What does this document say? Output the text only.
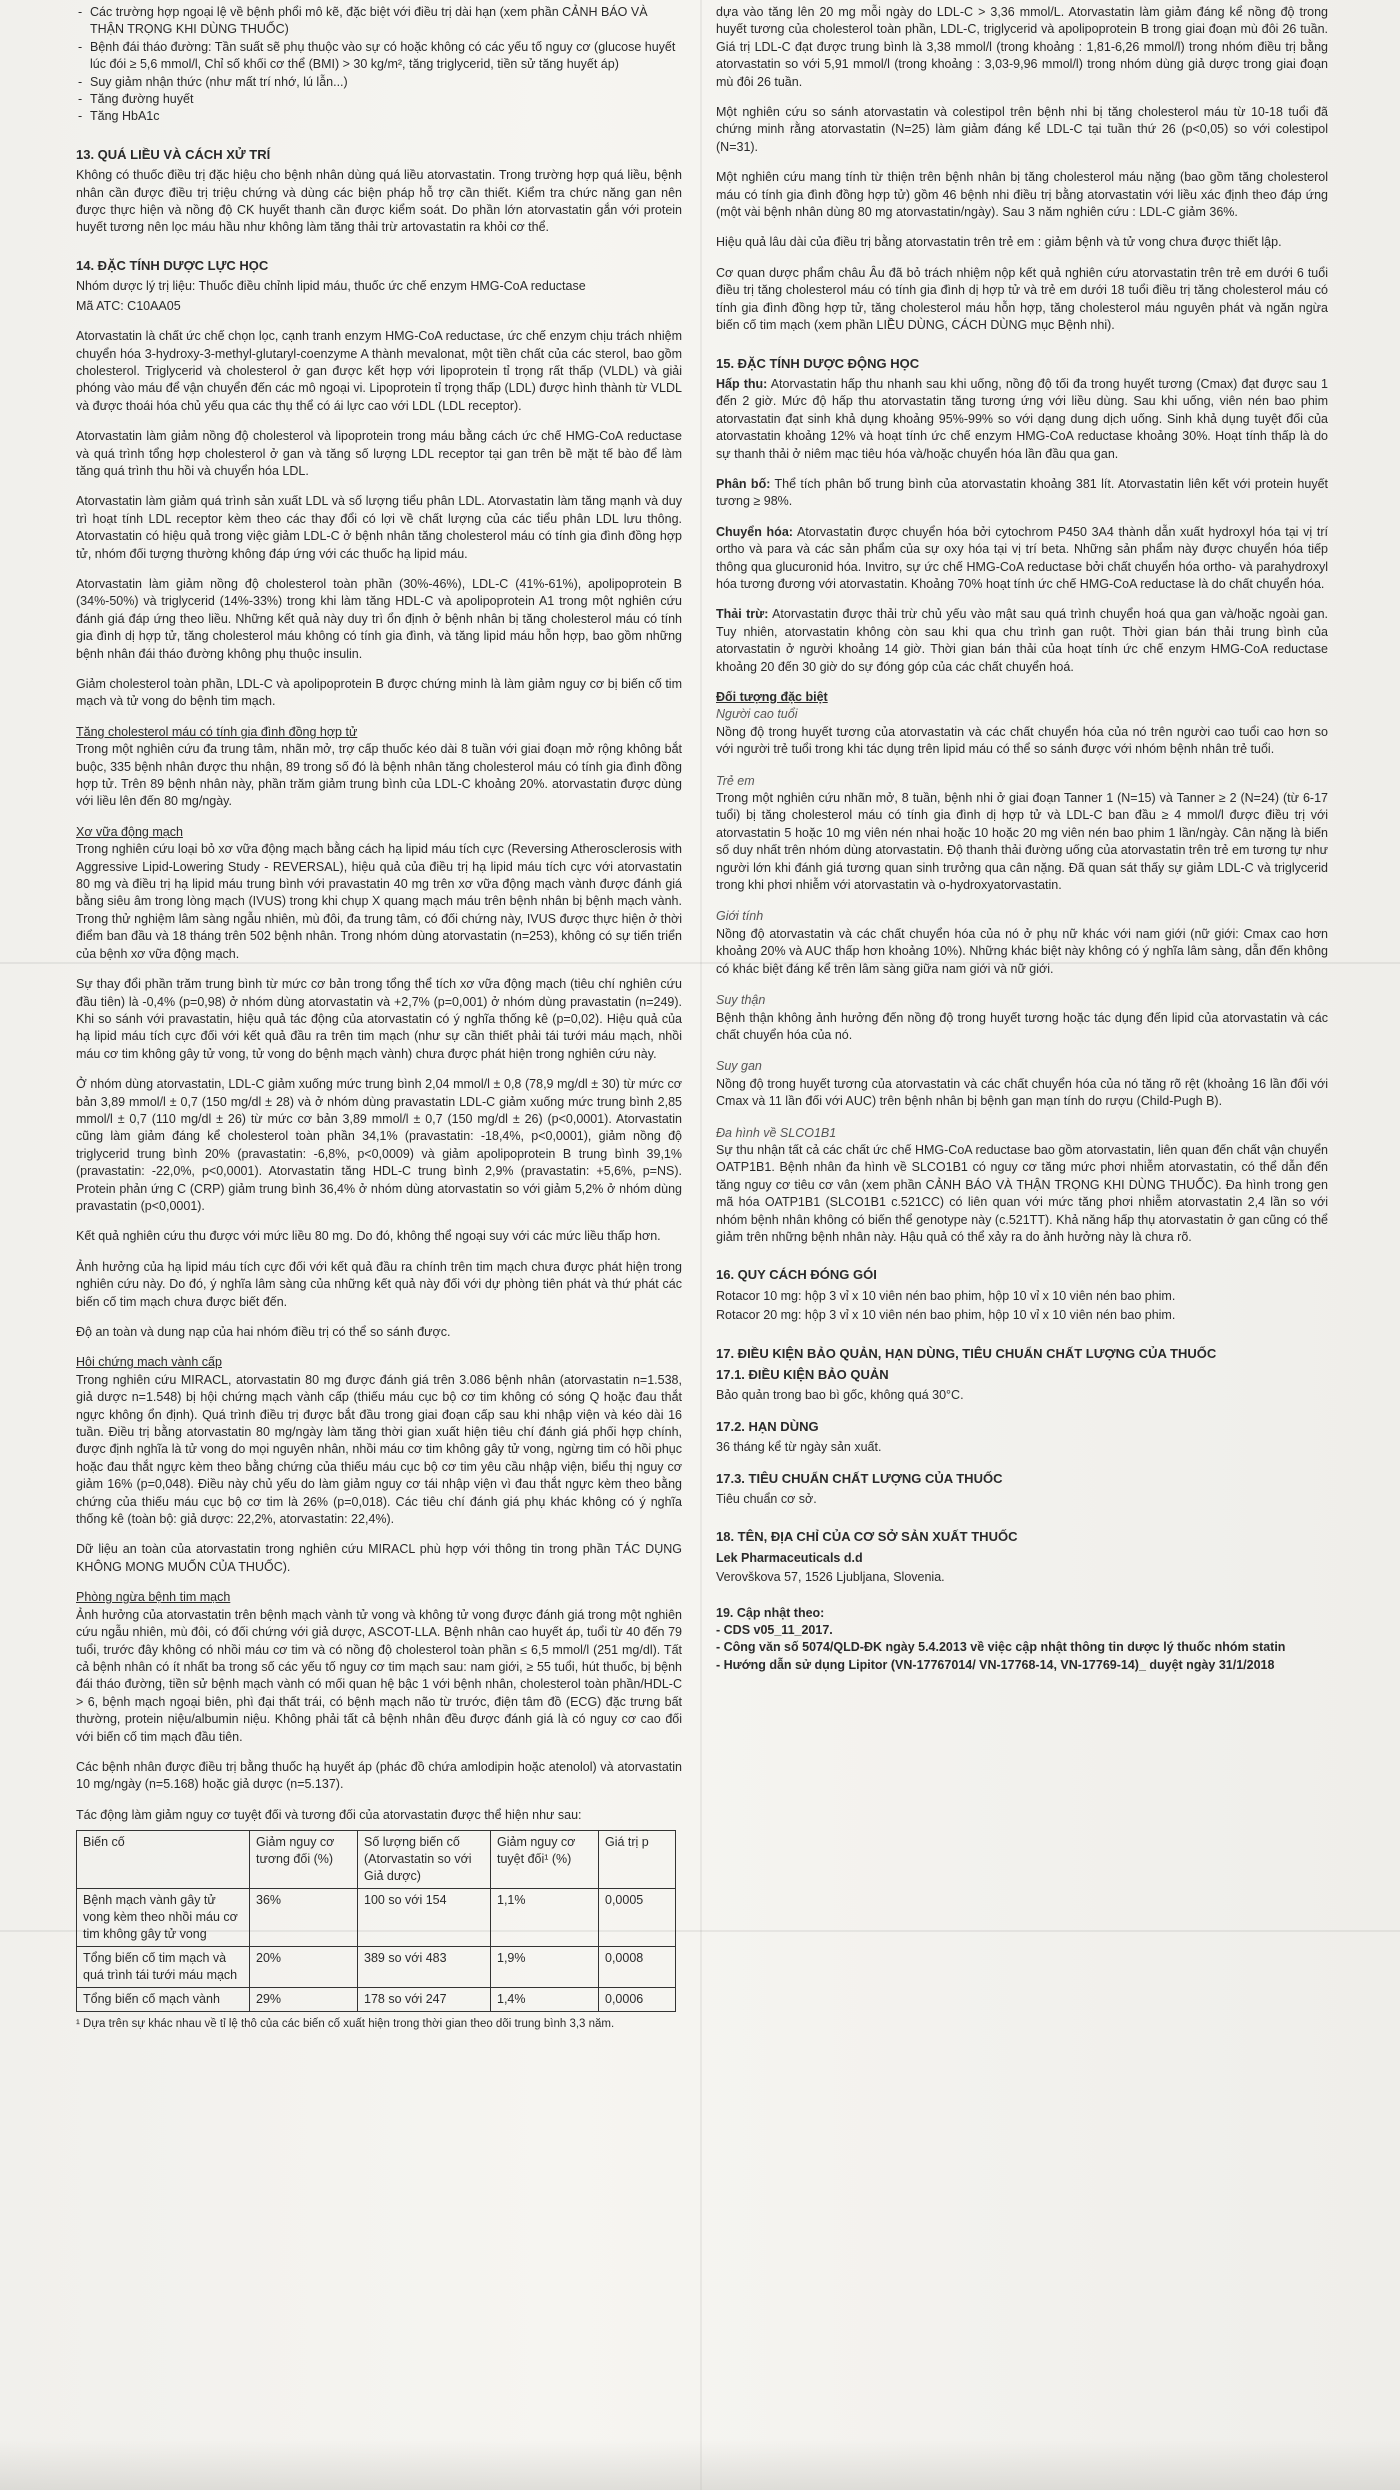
- Các trường hợp ngoại lệ về bệnh phổi mô kẽ, đặc biệt với điều trị dài hạn (xem phần CẢNH BÁO VÀ THẬN TRỌNG KHI DÙNG THUỐC)
- Bệnh đái tháo đường: Tần suất sẽ phụ thuộc vào sự có hoặc không có các yếu tố nguy cơ (glucose huyết lúc đói ≥ 5,6 mmol/l, Chỉ số khối cơ thể (BMI) > 30 kg/m², tăng triglycerid, tiền sử tăng huyết áp)
- Suy giảm nhận thức (như mất trí nhớ, lú lẫn...)
- Tăng đường huyết
- Tăng HbA1c
13. QUÁ LIỀU VÀ CÁCH XỬ TRÍ

Không có thuốc điều trị đặc hiệu cho bệnh nhân dùng quá liều atorvastatin. Trong trường hợp quá liều, bệnh nhân cần được điều trị triệu chứng và dùng các biện pháp hỗ trợ cần thiết. Kiểm tra chức năng gan nên được thực hiện và nồng độ CK huyết thanh cần được kiểm soát. Do phần lớn atorvastatin gắn với protein huyết tương nên lọc máu hầu như không làm tăng thải trừ artovastatin ra khỏi cơ thể.

14. ĐẶC TÍNH DƯỢC LỰC HỌC

Nhóm dược lý trị liệu: Thuốc điều chỉnh lipid máu, thuốc ức chế enzym HMG-CoA reductase

Mã ATC: C10AA05

Atorvastatin là chất ức chế chọn lọc, cạnh tranh enzym HMG-CoA reductase, ức chế enzym chịu trách nhiệm chuyển hóa 3-hydroxy-3-methyl-glutaryl-coenzyme A thành mevalonat, một tiền chất của các sterol, bao gồm cholesterol. Triglycerid và cholesterol ở gan được kết hợp với lipoprotein tỉ trọng rất thấp (VLDL) và giải phóng vào máu để vận chuyển đến các mô ngoại vi. Lipoprotein tỉ trọng thấp (LDL) được hình thành từ VLDL và được thoái hóa chủ yếu qua các thụ thể có ái lực cao với LDL (LDL receptor).

Atorvastatin làm giảm nồng độ cholesterol và lipoprotein trong máu bằng cách ức chế HMG-CoA reductase và quá trình tổng hợp cholesterol ở gan và tăng số lượng LDL receptor tại gan trên bề mặt tế bào để làm tăng quá trình thu hồi và chuyển hóa LDL.

Atorvastatin làm giảm quá trình sản xuất LDL và số lượng tiểu phân LDL. Atorvastatin làm tăng mạnh và duy trì hoạt tính LDL receptor kèm theo các thay đổi có lợi về chất lượng của các tiểu phân LDL lưu thông. Atorvastatin có hiệu quả trong việc giảm LDL-C ở bệnh nhân tăng cholesterol máu có tính gia đình đồng hợp tử, nhóm đối tượng thường không đáp ứng với các thuốc hạ lipid máu.

Atorvastatin làm giảm nồng độ cholesterol toàn phần (30%-46%), LDL-C (41%-61%), apolipoprotein B (34%-50%) và triglycerid (14%-33%) trong khi làm tăng HDL-C và apolipoprotein A1 trong một nghiên cứu đánh giá đáp ứng theo liều. Những kết quả này duy trì ổn định ở bệnh nhân bị tăng cholesterol máu có tính gia đình dị hợp tử, tăng cholesterol máu không có tính gia đình, và tăng lipid máu hỗn hợp, bao gồm những bệnh nhân đái tháo đường không phụ thuộc insulin.

Giảm cholesterol toàn phần, LDL-C và apolipoprotein B được chứng minh là làm giảm nguy cơ bị biến cố tim mạch và tử vong do bệnh tim mạch.

Tăng cholesterol máu có tính gia đình đồng hợp tử

Trong một nghiên cứu đa trung tâm, nhãn mở, trợ cấp thuốc kéo dài 8 tuần với giai đoạn mở rộng không bắt buộc, 335 bệnh nhân được thu nhận, 89 trong số đó là bệnh nhân tăng cholesterol máu có tính gia đình đồng hợp tử. Trên 89 bệnh nhân này, phần trăm giảm trung bình của LDL-C khoảng 20%. atorvastatin được dùng với liều lên đến 80 mg/ngày.

Xơ vữa động mạch

Trong nghiên cứu loại bỏ xơ vữa động mạch bằng cách hạ lipid máu tích cực (Reversing Atherosclerosis with Aggressive Lipid-Lowering Study - REVERSAL), hiệu quả của điều trị hạ lipid máu tích cực với atorvastatin 80 mg và điều trị hạ lipid máu trung bình với pravastatin 40 mg trên xơ vữa động mạch vành được đánh giá bằng siêu âm trong lòng mạch (IVUS) trong khi chụp X quang mạch máu trên bệnh nhân bị bệnh mạch vành. Trong thử nghiệm lâm sàng ngẫu nhiên, mù đôi, đa trung tâm, có đối chứng này, IVUS được thực hiện ở thời điểm ban đầu và 18 tháng trên 502 bệnh nhân. Trong nhóm dùng atorvastatin (n=253), không có sự tiến triển của bệnh xơ vữa động mạch.

Sự thay đổi phần trăm trung bình từ mức cơ bản trong tổng thể tích xơ vữa động mạch (tiêu chí nghiên cứu đầu tiên) là -0,4% (p=0,98) ở nhóm dùng atorvastatin và +2,7% (p=0,001) ở nhóm dùng pravastatin (n=249). Khi so sánh với pravastatin, hiệu quả tác động của atorvastatin có ý nghĩa thống kê (p=0,02). Hiệu quả của hạ lipid máu tích cực đối với kết quả đầu ra trên tim mạch (như sự cần thiết phải tái tưới máu mạch, nhồi máu cơ tim không gây tử vong, tử vong do bệnh mạch vành) chưa được phát hiện trong nghiên cứu này.

Ở nhóm dùng atorvastatin, LDL-C giảm xuống mức trung bình 2,04 mmol/l ± 0,8 (78,9 mg/dl ± 30) từ mức cơ bản 3,89 mmol/l ± 0,7 (150 mg/dl ± 28) và ở nhóm dùng pravastatin LDL-C giảm xuống mức trung bình 2,85 mmol/l ± 0,7 (110 mg/dl ± 26) từ mức cơ bản 3,89 mmol/l ± 0,7 (150 mg/dl ± 26) (p<0,0001). Atorvastatin cũng làm giảm đáng kể cholesterol toàn phần 34,1% (pravastatin: -18,4%, p<0,0001), giảm nồng độ triglycerid trung bình 20% (pravastatin: -6,8%, p<0,0009) và giảm apolipoprotein B trung bình 39,1% (pravastatin: -22,0%, p<0,0001). Atorvastatin tăng HDL-C trung bình 2,9% (pravastatin: +5,6%, p=NS). Protein phản ứng C (CRP) giảm trung bình 36,4% ở nhóm dùng atorvastatin so với giảm 5,2% ở nhóm dùng pravastatin (p<0,0001).

Kết quả nghiên cứu thu được với mức liều 80 mg. Do đó, không thể ngoại suy với các mức liều thấp hơn.

Ảnh hưởng của hạ lipid máu tích cực đối với kết quả đầu ra chính trên tim mạch chưa được phát hiện trong nghiên cứu này. Do đó, ý nghĩa lâm sàng của những kết quả này đối với dự phòng tiên phát và thứ phát các biến cố tim mạch chưa được biết đến.

Độ an toàn và dung nạp của hai nhóm điều trị có thể so sánh được.

Hội chứng mạch vành cấp

Trong nghiên cứu MIRACL, atorvastatin 80 mg được đánh giá trên 3.086 bệnh nhân (atorvastatin n=1.538, giả dược n=1.548) bị hội chứng mạch vành cấp (thiếu máu cục bộ cơ tim không có sóng Q hoặc đau thắt ngực không ổn định). Quá trình điều trị được bắt đầu trong giai đoạn cấp sau khi nhập viện và kéo dài 16 tuần. Điều trị bằng atorvastatin 80 mg/ngày làm tăng thời gian xuất hiện tiêu chí đánh giá phối hợp chính, được định nghĩa là tử vong do mọi nguyên nhân, nhồi máu cơ tim không gây tử vong, ngừng tim có hồi phục hoặc đau thắt ngực kèm theo bằng chứng của thiếu máu cục bộ cơ tim yêu cầu nhập viện, biểu thị nguy cơ giảm 16% (p=0,048). Điều này chủ yếu do làm giảm nguy cơ tái nhập viện vì đau thắt ngực kèm theo bằng chứng của thiếu máu cục bộ cơ tim là 26% (p=0,018). Các tiêu chí đánh giá phụ khác không có ý nghĩa thống kê (toàn bộ: giả dược: 22,2%, atorvastatin: 22,4%).

Dữ liệu an toàn của atorvastatin trong nghiên cứu MIRACL phù hợp với thông tin trong phần TÁC DỤNG KHÔNG MONG MUỐN CỦA THUỐC).

Phòng ngừa bệnh tim mạch

Ảnh hưởng của atorvastatin trên bệnh mạch vành tử vong và không tử vong được đánh giá trong một nghiên cứu ngẫu nhiên, mù đôi, có đối chứng với giả dược, ASCOT-LLA. Bệnh nhân cao huyết áp, tuổi từ 40 đến 79 tuổi, trước đây không có nhồi máu cơ tim và có nồng độ cholesterol toàn phần ≤ 6,5 mmol/l (251 mg/dl). Tất cả bệnh nhân có ít nhất ba trong số các yếu tố nguy cơ tim mạch sau: nam giới, ≥ 55 tuổi, hút thuốc, bị bệnh đái tháo đường, tiền sử bệnh mạch vành có mối quan hệ bậc 1 với bệnh nhân, cholesterol toàn phần/HDL-C > 6, bệnh mạch ngoại biên, phì đại thất trái, có bệnh mạch não từ trước, điện tâm đồ (ECG) đặc trưng bất thường, protein niệu/albumin niệu. Không phải tất cả bệnh nhân đều được đánh giá là có nguy cơ cao đối với biến cố tim mạch đầu tiên.

Các bệnh nhân được điều trị bằng thuốc hạ huyết áp (phác đồ chứa amlodipin hoặc atenolol) và atorvastatin 10 mg/ngày (n=5.168) hoặc giả dược (n=5.137).

Tác động làm giảm nguy cơ tuyệt đối và tương đối của atorvastatin được thể hiện như sau:

Biến cố	Giảm nguy cơ tương đối (%)	Số lượng biến cố (Atorvastatin so với Giả dược)	Giảm nguy cơ tuyệt đối¹ (%)	Giá trị p
Bệnh mạch vành gây tử vong kèm theo nhồi máu cơ tim không gây tử vong	36%	100 so với 154	1,1%	0,0005
Tổng biến cố tim mạch và quá trình tái tưới máu mạch	20%	389 so với 483	1,9%	0,0008
Tổng biến cố mạch vành	29%	178 so với 247	1,4%	0,0006

¹ Dựa trên sự khác nhau về tỉ lệ thô của các biến cố xuất hiện trong thời gian theo dõi trung bình 3,3 năm.

dựa vào tăng lên 20 mg mỗi ngày do LDL-C > 3,36 mmol/L. Atorvastatin làm giảm đáng kể nồng độ trong huyết tương của cholesterol toàn phần, LDL-C, triglycerid và apolipoprotein B trong giai đoạn mù đôi 26 tuần. Giá trị LDL-C đạt được trung bình là 3,38 mmol/l (trong khoảng : 1,81-6,26 mmol/l) trong nhóm điều trị bằng atorvastatin so với 5,91 mmol/l (trong khoảng : 3,03-9,96 mmol/l) trong nhóm dùng giả dược trong giai đoạn mù đôi 26 tuần.

Một nghiên cứu so sánh atorvastatin và colestipol trên bệnh nhi bị tăng cholesterol máu từ 10-18 tuổi đã chứng minh rằng atorvastatin (N=25) làm giảm đáng kể LDL-C tại tuần thứ 26 (p<0,05) so với colestipol (N=31).

Một nghiên cứu mang tính từ thiện trên bệnh nhân bị tăng cholesterol máu nặng (bao gồm tăng cholesterol máu có tính gia đình đồng hợp tử) gồm 46 bệnh nhi điều trị bằng atorvastatin với liều xác định theo đáp ứng (một vài bệnh nhân dùng 80 mg atorvastatin/ngày). Sau 3 năm nghiên cứu : LDL-C giảm 36%.

Hiệu quả lâu dài của điều trị bằng atorvastatin trên trẻ em : giảm bệnh và tử vong chưa được thiết lập.

Cơ quan dược phẩm châu Âu đã bỏ trách nhiệm nộp kết quả nghiên cứu atorvastatin trên trẻ em dưới 6 tuổi điều trị tăng cholesterol máu có tính gia đình dị hợp tử và trẻ em dưới 18 tuổi điều trị tăng cholesterol máu có tính gia đình đồng hợp tử, tăng cholesterol máu hỗn hợp, tăng cholesterol máu nguyên phát và ngăn ngừa biến cố tim mạch (xem phần LIỀU DÙNG, CÁCH DÙNG mục Bệnh nhi).

15. ĐẶC TÍNH DƯỢC ĐỘNG HỌC

Hấp thu: Atorvastatin hấp thu nhanh sau khi uống, nồng độ tối đa trong huyết tương (Cmax) đạt được sau 1 đến 2 giờ. Mức độ hấp thu atorvastatin tăng tương ứng với liều dùng. Sau khi uống, viên nén bao phim atorvastatin đạt sinh khả dụng khoảng 95%-99% so với dạng dung dịch uống. Sinh khả dụng tuyệt đối của atorvastatin khoảng 12% và hoạt tính ức chế enzym HMG-CoA reductase khoảng 30%. Hoạt tính thấp là do sự thanh thải ở niêm mạc tiêu hóa và/hoặc chuyển hóa lần đầu qua gan.

Phân bố: Thể tích phân bố trung bình của atorvastatin khoảng 381 lít. Atorvastatin liên kết với protein huyết tương ≥ 98%.

Chuyển hóa: Atorvastatin được chuyển hóa bởi cytochrom P450 3A4 thành dẫn xuất hydroxyl hóa tại vị trí ortho và para và các sản phẩm của sự oxy hóa tại vị trí beta. Những sản phẩm này được chuyển hóa tiếp thông qua glucuronid hóa. Invitro, sự ức chế HMG-CoA reductase bởi chất chuyển hóa ortho- và parahydroxyl hóa tương đương với atorvastatin. Khoảng 70% hoạt tính ức chế HMG-CoA reductase là do chất chuyển hóa.

Thải trừ: Atorvastatin được thải trừ chủ yếu vào mật sau quá trình chuyển hoá qua gan và/hoặc ngoài gan. Tuy nhiên, atorvastatin không còn sau khi qua chu trình gan ruột. Thời gian bán thải trung bình của atorvastatin ở người khoảng 14 giờ. Thời gian bán thải của hoạt tính ức chế enzym HMG-CoA reductase khoảng 20 đến 30 giờ do sự đóng góp của các chất chuyển hoá.

Đối tượng đặc biệt

Người cao tuổi

Nồng độ trong huyết tương của atorvastatin và các chất chuyển hóa của nó trên người cao tuổi cao hơn so với người trẻ tuổi trong khi tác dụng trên lipid máu có thể so sánh được với nhóm bệnh nhân trẻ tuổi.

Trẻ em

Trong một nghiên cứu nhãn mở, 8 tuần, bệnh nhi ở giai đoạn Tanner 1 (N=15) và Tanner ≥ 2 (N=24) (từ 6-17 tuổi) bị tăng cholesterol máu có tính gia đình dị hợp tử và LDL-C ban đầu ≥ 4 mmol/l được điều trị với atorvastatin 5 hoặc 10 mg viên nén nhai hoặc 10 hoặc 20 mg viên nén bao phim 1 lần/ngày. Cân nặng là biến số duy nhất trên nhóm dùng atorvastatin. Độ thanh thải đường uống của atorvastatin trên trẻ em tương tự như người lớn khi đánh giá tương quan sinh trưởng qua cân nặng. Đã quan sát thấy sự giảm LDL-C và triglycerid trong khi phơi nhiễm với atorvastatin và o-hydroxyatorvastatin.

Giới tính

Nồng độ atorvastatin và các chất chuyển hóa của nó ở phụ nữ khác với nam giới (nữ giới: Cmax cao hơn khoảng 20% và AUC thấp hơn khoảng 10%). Những khác biệt này không có ý nghĩa lâm sàng, dẫn đến không có khác biệt đáng kể trên lâm sàng giữa nam giới và nữ giới.

Suy thận

Bệnh thận không ảnh hưởng đến nồng độ trong huyết tương hoặc tác dụng đến lipid của atorvastatin và các chất chuyển hóa của nó.

Suy gan

Nồng độ trong huyết tương của atorvastatin và các chất chuyển hóa của nó tăng rõ rệt (khoảng 16 lần đối với Cmax và 11 lần đối với AUC) trên bệnh nhân bị bệnh gan mạn tính do rượu (Child-Pugh B).

Đa hình về SLCO1B1

Sự thu nhận tất cả các chất ức chế HMG-CoA reductase bao gồm atorvastatin, liên quan đến chất vận chuyển OATP1B1. Bệnh nhân đa hình về SLCO1B1 có nguy cơ tăng mức phơi nhiễm atorvastatin, có thể dẫn đến tăng nguy cơ tiêu cơ vân (xem phần CẢNH BÁO VÀ THẬN TRỌNG KHI DÙNG THUỐC). Đa hình trong gen mã hóa OATP1B1 (SLCO1B1 c.521CC) có liên quan với mức tăng phơi nhiễm atorvastatin 2,4 lần so với nhóm bệnh nhân không có biến thể genotype này (c.521TT). Khả năng hấp thụ atorvastatin ở gan cũng có thể giảm trên những bệnh nhân này. Hậu quả có thể xảy ra do ảnh hưởng này là chưa rõ.

16. QUY CÁCH ĐÓNG GÓI

Rotacor 10 mg: hộp 3 vỉ x 10 viên nén bao phim, hộp 10 vỉ x 10 viên nén bao phim.

Rotacor 20 mg: hộp 3 vỉ x 10 viên nén bao phim, hộp 10 vỉ x 10 viên nén bao phim.

17. ĐIỀU KIỆN BẢO QUẢN, HẠN DÙNG, TIÊU CHUẨN CHẤT LƯỢNG CỦA THUỐC
17.1. ĐIỀU KIỆN BẢO QUẢN

Bảo quản trong bao bì gốc, không quá 30°C.

17.2. HẠN DÙNG

36 tháng kể từ ngày sản xuất.

17.3. TIÊU CHUẨN CHẤT LƯỢNG CỦA THUỐC

Tiêu chuẩn cơ sở.

18. TÊN, ĐỊA CHỈ CỦA CƠ SỞ SẢN XUẤT THUỐC

Lek Pharmaceuticals d.d

Verovškova 57, 1526 Ljubljana, Slovenia.

19. Cập nhật theo:
- CDS v05_11_2017.
- Công văn số 5074/QLD-ĐK ngày 5.4.2013 về việc cập nhật thông tin dược lý thuốc nhóm statin
- Hướng dẫn sử dụng Lipitor (VN-17767014/ VN-17768-14, VN-17769-14)_ duyệt ngày 31/1/2018
